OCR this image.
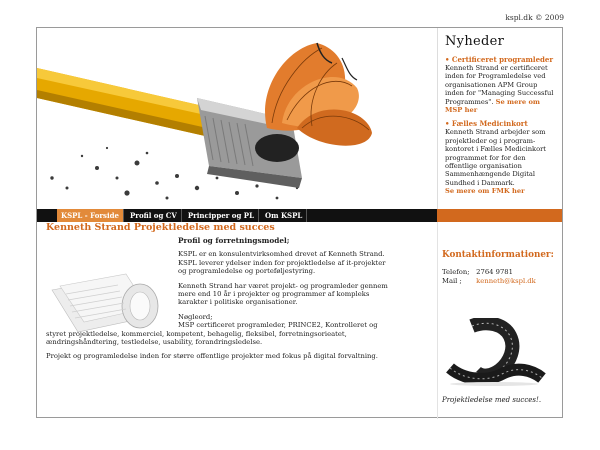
kspl.dk © 2009
Nyheder
• Certificeret programleder
Kenneth Strand er certificeret inden for Programledelse ved organisationen APM Group inden for "Managing Successful Programmes". Se mere om MSP her
• Fælles Medicinkort
Kenneth Strand arbejder som projektleder og i program-kontoret i Fælles Medicinkort programmet for for den offentlige organisation Sammenhængende Digital Sundhed i Danmark.
Se mere om FMK her
KSPL - Forside	Profil og CV	Principper og PL	Om KSPL
Kenneth Strand Projektledelse med succes
Profil og forretningsmodel;

KSPL er en konsulentvirksomhed drevet af Kenneth Strand. KSPL leverer ydelser inden for projektledelse af it-projekter og programledelse og porteføljestyring.

Kenneth Strand har været projekt- og programleder gennem mere end 10 år i projekter og programmer af kompleks karakter i politiske organisationer.

Nøgleord;

MSP certificeret programleder, PRINCE2, Kontrolleret og styret projektledelse, kommerciel, kompetent, behagelig, fleksibel, forretningsorieatet, ændringshåndtering, testledelse, usability, forandringsledelse.

Projekt og programledelse inden for større offentlige projekter med fokus på digital forvaltning.

Kontaktinformationer:
Telefon; 2764 9781
Mail ; kenneth@kspl.dk
Projektledelse med succes!.
